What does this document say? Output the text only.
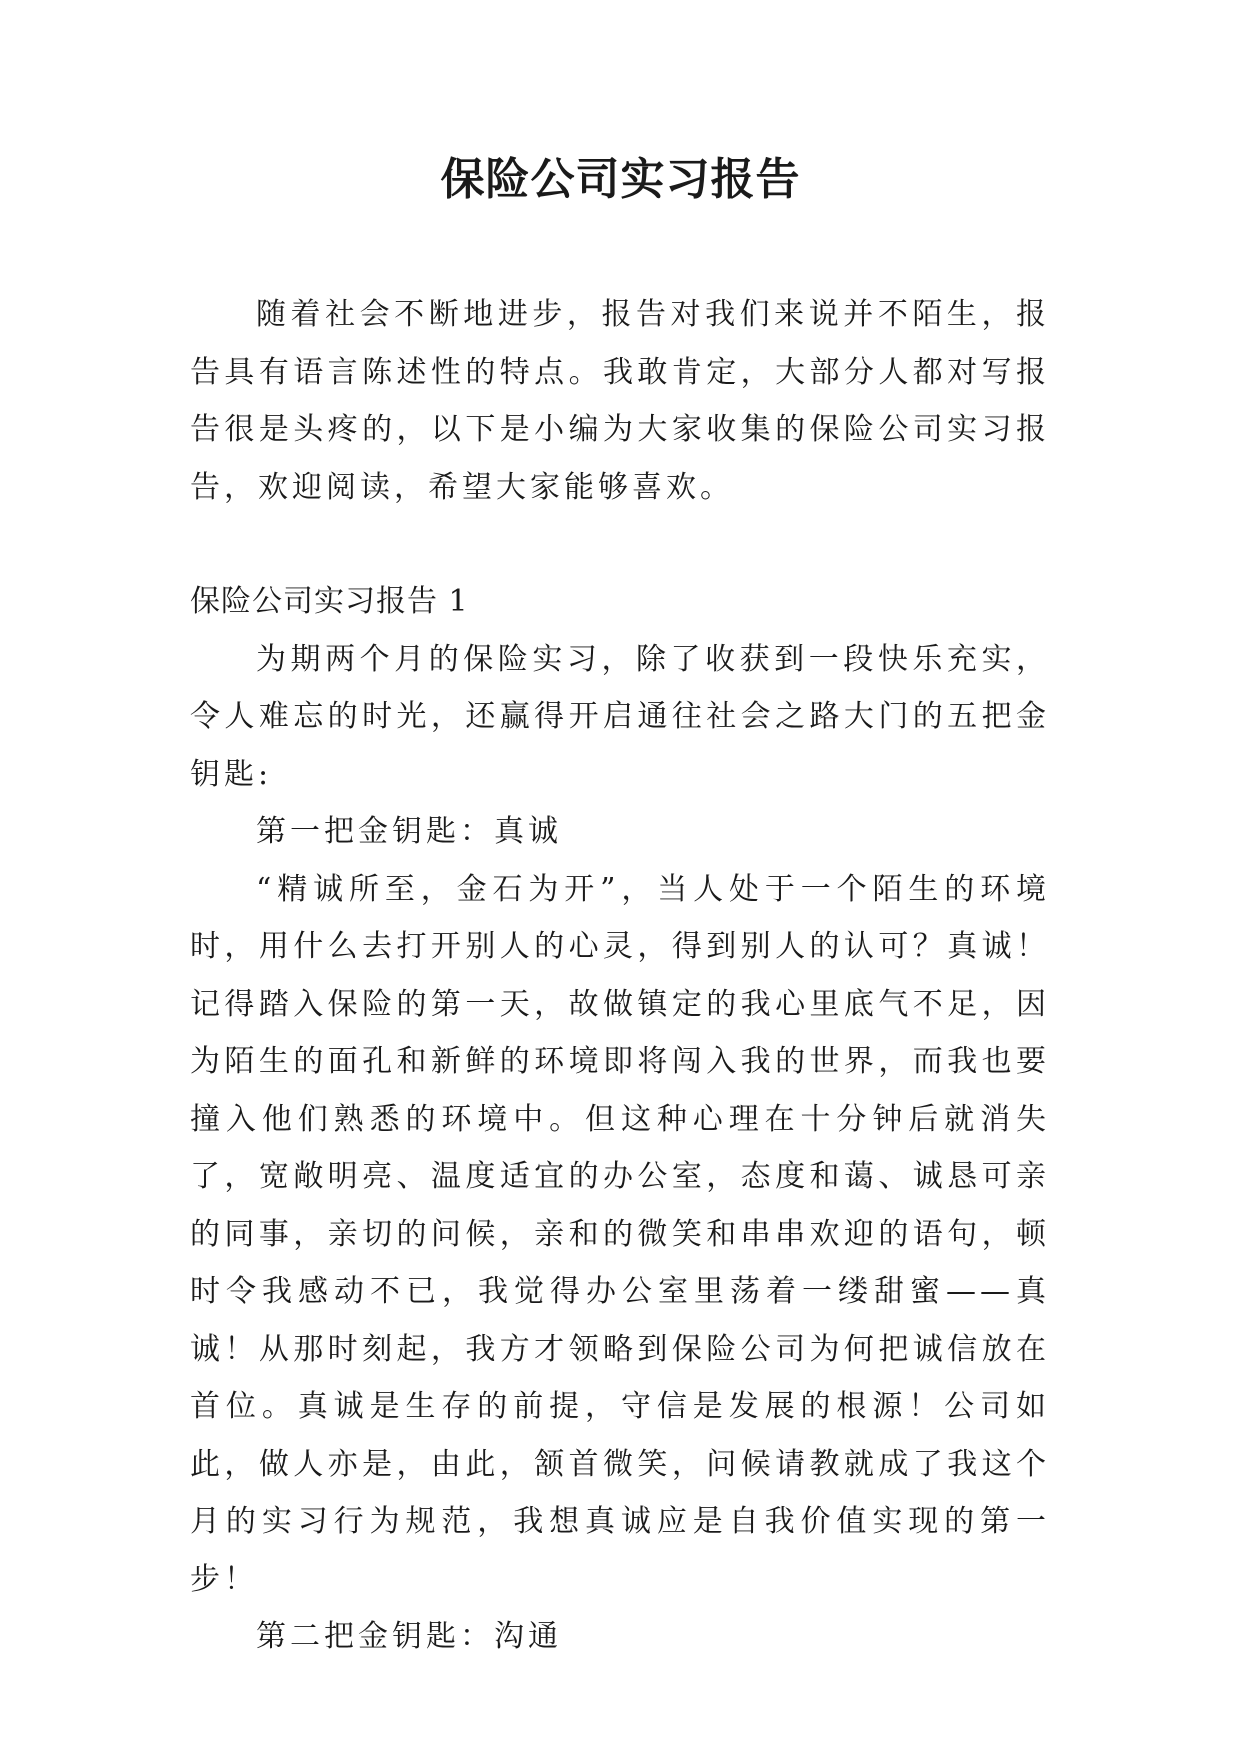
保险公司实习报告

随着社会不断地进步，报告对我们来说并不陌生，报告具有语言陈述性的特点。我敢肯定，大部分人都对写报告很是头疼的，以下是小编为大家收集的保险公司实习报告，欢迎阅读，希望大家能够喜欢。

保险公司实习报告 1

为期两个月的保险实习，除了收获到一段快乐充实，令人难忘的时光，还赢得开启通往社会之路大门的五把金钥匙:

第一把金钥匙：真诚

“精诚所至，金石为开”，当人处于一个陌生的环境时，用什么去打开别人的心灵，得到别人的认可？真诚！记得踏入保险的第一天，故做镇定的我心里底气不足，因为陌生的面孔和新鲜的环境即将闯入我的世界，而我也要撞入他们熟悉的环境中。但这种心理在十分钟后就消失了，宽敞明亮、温度适宜的办公室，态度和蔼、诚恳可亲的同事，亲切的问候，亲和的微笑和串串欢迎的语句，顿时令我感动不已，我觉得办公室里荡着一缕甜蜜——真诚！从那时刻起，我方才领略到保险公司为何把诚信放在首位。真诚是生存的前提，守信是发展的根源！公司如此，做人亦是，由此，颔首微笑，问候请教就成了我这个月的实习行为规范，我想真诚应是自我价值实现的第一步！

第二把金钥匙：沟通
